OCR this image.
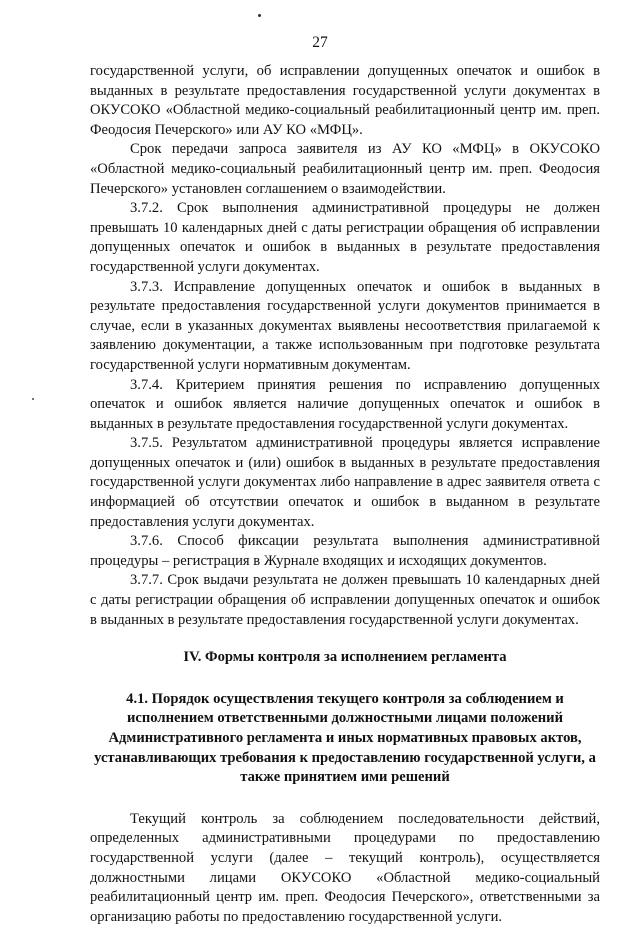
27

государственной услуги, об исправлении допущенных опечаток и ошибок в выданных в результате предоставления государственной услуги документах в ОКУСОКО «Областной медико-социальный реабилитационный центр им. преп. Феодосия Печерского» или АУ КО «МФЦ».

Срок передачи запроса заявителя из АУ КО «МФЦ» в ОКУСОКО «Областной медико-социальный реабилитационный центр им. преп. Феодосия Печерского» установлен соглашением о взаимодействии.

3.7.2. Срок выполнения административной процедуры не должен превышать 10 календарных дней с даты регистрации обращения об исправлении допущенных опечаток и ошибок в выданных в результате предоставления государственной услуги документах.

3.7.3. Исправление допущенных опечаток и ошибок в выданных в результате предоставления государственной услуги документов принимается в случае, если в указанных документах выявлены несоответствия прилагаемой к заявлению документации, а также использованным при подготовке результата государственной услуги нормативным документам.

3.7.4. Критерием принятия решения по исправлению допущенных опечаток и ошибок является наличие допущенных опечаток и ошибок в выданных в результате предоставления государственной услуги документах.

3.7.5. Результатом административной процедуры является исправление допущенных опечаток и (или) ошибок в выданных в результате предоставления государственной услуги документах либо направление в адрес заявителя ответа с информацией об отсутствии опечаток и ошибок в выданном в результате предоставления услуги документах.

3.7.6. Способ фиксации результата выполнения административной процедуры – регистрация в Журнале входящих и исходящих документов.

3.7.7. Срок выдачи результата не должен превышать 10 календарных дней с даты регистрации обращения об исправлении допущенных опечаток и ошибок в выданных в результате предоставления государственной услуги документах.

IV. Формы контроля за исполнением регламента
4.1. Порядок осуществления текущего контроля за соблюдением и исполнением ответственными должностными лицами положений Административного регламента и иных нормативных правовых актов, устанавливающих требования к предоставлению государственной услуги, а также принятием ими решений

Текущий контроль за соблюдением последовательности действий, определенных административными процедурами по предоставлению государственной услуги (далее – текущий контроль), осуществляется должностными лицами ОКУСОКО «Областной медико-социальный реабилитационный центр им. преп. Феодосия Печерского», ответственными за организацию работы по предоставлению государственной услуги.
